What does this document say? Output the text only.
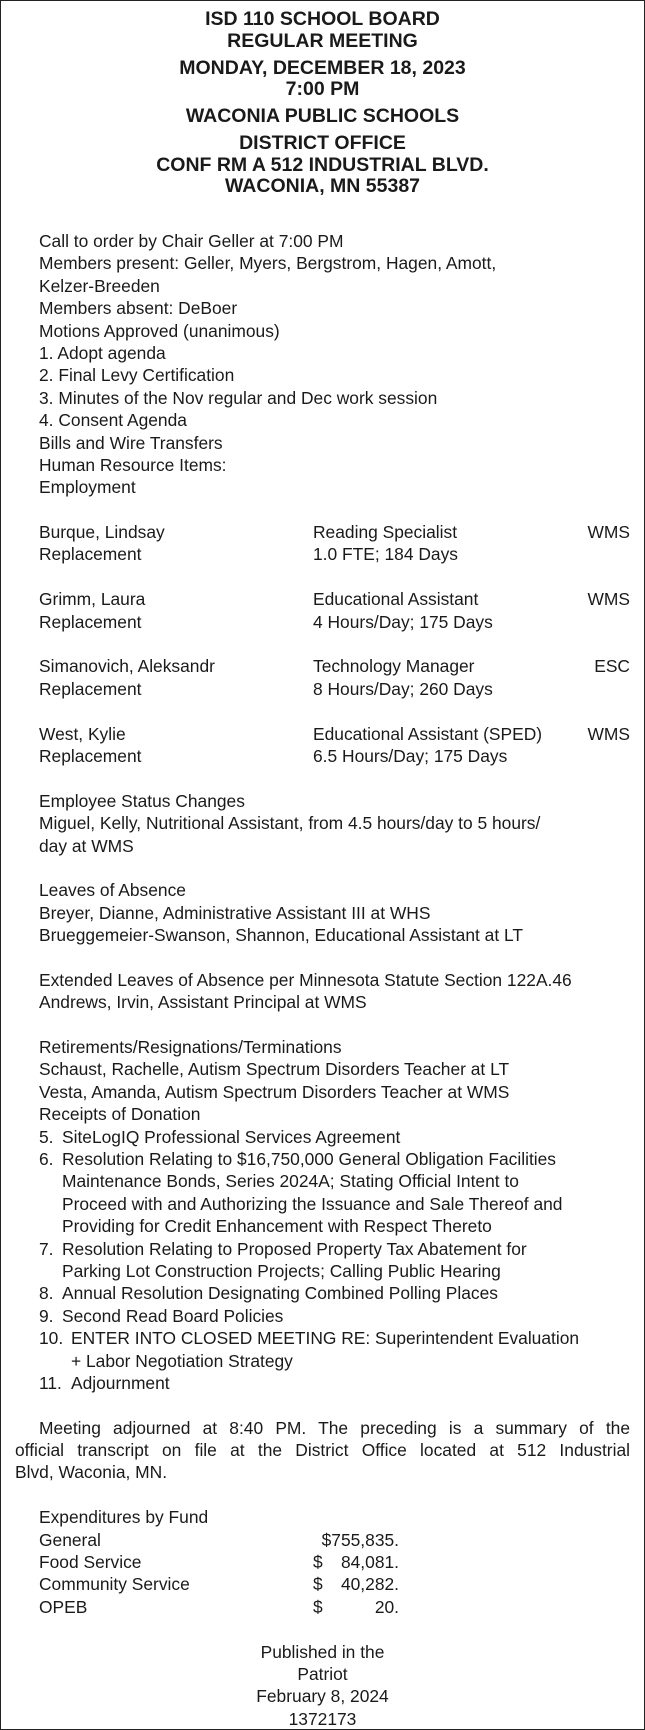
ISD 110 SCHOOL BOARD
REGULAR MEETING
MONDAY, DECEMBER 18, 2023
7:00 PM
WACONIA PUBLIC SCHOOLS
DISTRICT OFFICE
CONF RM A 512 INDUSTRIAL BLVD.
WACONIA, MN 55387
Call to order by Chair Geller at 7:00 PM
Members present: Geller, Myers, Bergstrom, Hagen, Amott,
Kelzer-Breeden
Members absent: DeBoer
Motions Approved (unanimous)
1. Adopt agenda
2. Final Levy Certification
3. Minutes of the Nov regular and Dec work session
4. Consent Agenda
Bills and Wire Transfers
Human Resource Items:
Employment
Burque, Lindsay	Reading Specialist	WMS
Replacement	1.0 FTE; 184 Days
Grimm, Laura	Educational Assistant	WMS
Replacement	4 Hours/Day; 175 Days
Simanovich, Aleksandr	Technology Manager	ESC
Replacement	8 Hours/Day; 260 Days
West, Kylie	Educational Assistant (SPED)	WMS
Replacement	6.5 Hours/Day; 175 Days
Employee Status Changes
Miguel, Kelly, Nutritional Assistant, from 4.5 hours/day to 5 hours/
day at WMS
Leaves of Absence
Breyer, Dianne, Administrative Assistant III at WHS
Brueggemeier-Swanson, Shannon, Educational Assistant at LT
Extended Leaves of Absence per Minnesota Statute Section 122A.46
Andrews, Irvin, Assistant Principal at WMS
Retirements/Resignations/Terminations
Schaust, Rachelle, Autism Spectrum Disorders Teacher at LT
Vesta, Amanda, Autism Spectrum Disorders Teacher at WMS
Receipts of Donation
5. SiteLogIQ Professional Services Agreement
6. Resolution Relating to $16,750,000 General Obligation Facilities
Maintenance Bonds, Series 2024A; Stating Official Intent to
Proceed with and Authorizing the Issuance and Sale Thereof and
Providing for Credit Enhancement with Respect Thereto
7. Resolution Relating to Proposed Property Tax Abatement for
Parking Lot Construction Projects; Calling Public Hearing
8. Annual Resolution Designating Combined Polling Places
9. Second Read Board Policies
10. ENTER INTO CLOSED MEETING RE: Superintendent Evaluation
+ Labor Negotiation Strategy
11. Adjournment
Meeting adjourned at 8:40 PM. The preceding is a summary of the
official transcript on file at the District Office located at 512 Industrial
Blvd, Waconia, MN.
Expenditures by Fund
General	$755,835.
Food Service	$	84,081.
Community Service	$	40,282.
OPEB	$	20.
Published in the
Patriot
February 8, 2024
1372173
